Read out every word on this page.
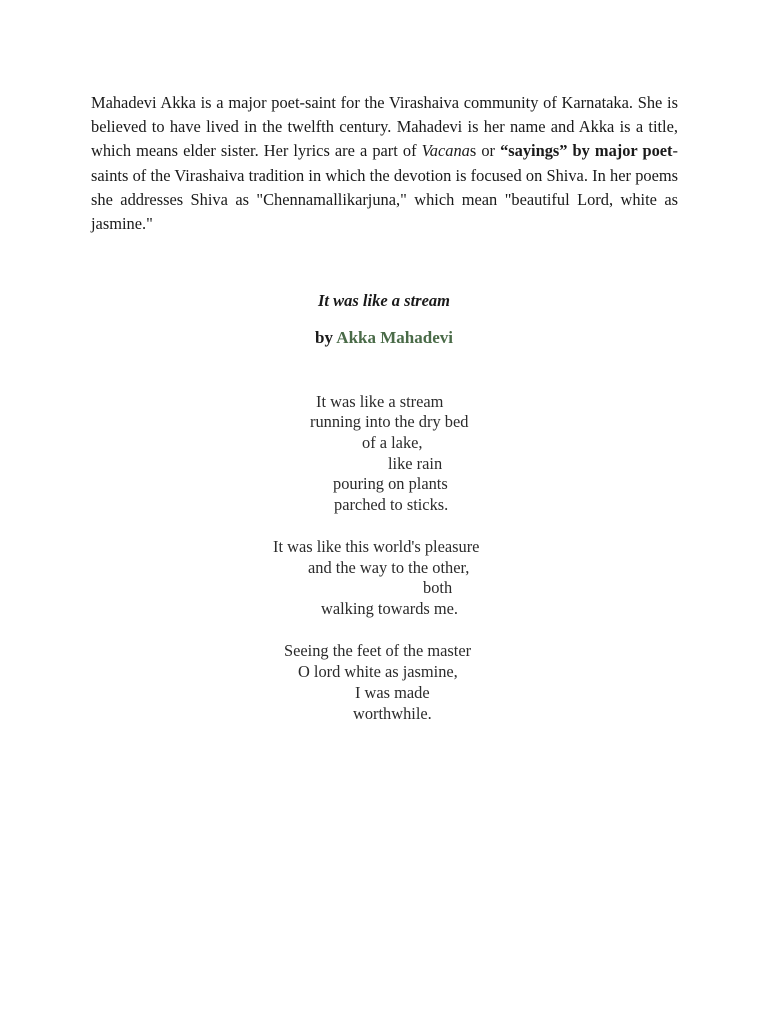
Mahadevi Akka is a major poet-saint for the Virashaiva community of Karnataka. She is believed to have lived in the twelfth century. Mahadevi is her name and Akka is a title, which means elder sister. Her lyrics are a part of Vacanas or “sayings” by major poet-saints of the Virashaiva tradition in which the devotion is focused on Shiva. In her poems she addresses Shiva as "Chennamallikarjuna," which mean "beautiful Lord, white as jasmine."

It was like a stream

by Akka Mahadevi

It was like a stream
running into the dry bed
of a lake,
like rain
pouring on plants
parched to sticks.
It was like this world's pleasure
and the way to the other,
both
walking towards me.
Seeing the feet of the master
O lord white as jasmine,
I was made
worthwhile.
